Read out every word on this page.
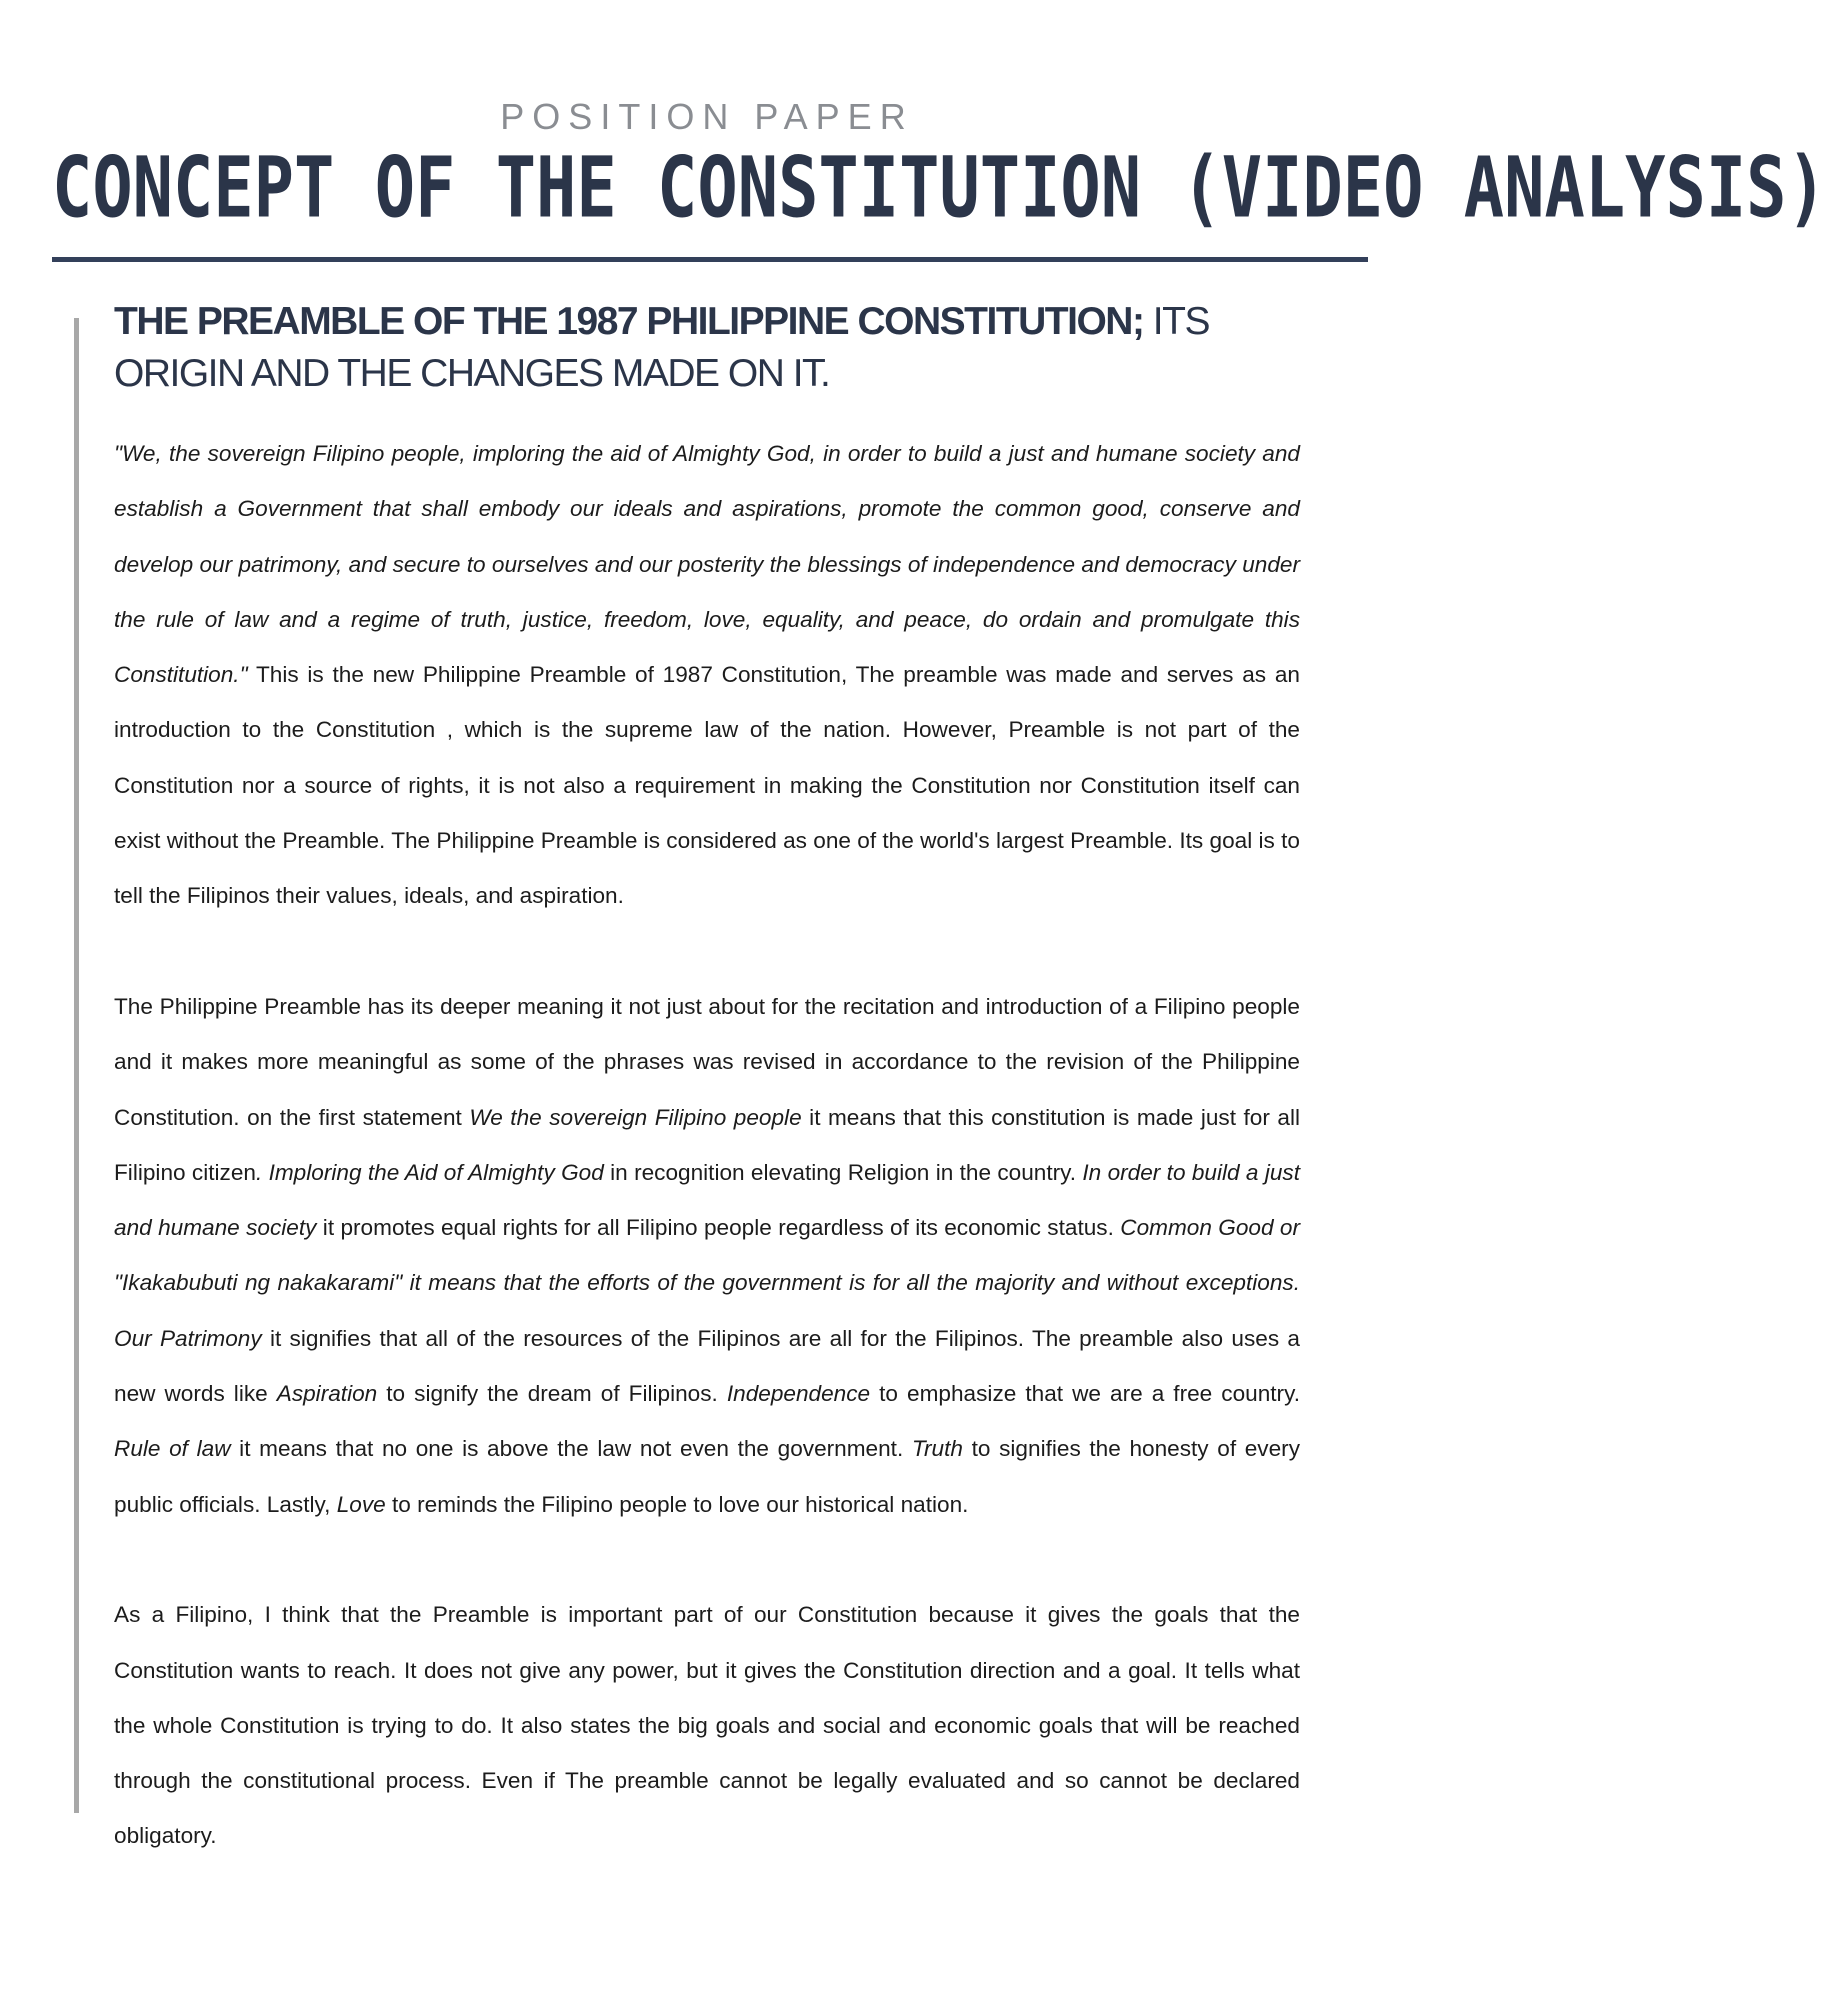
POSITION PAPER
CONCEPT OF THE CONSTITUTION (VIDEO ANALYSIS)
THE PREAMBLE OF THE 1987 PHILIPPINE CONSTITUTION; ITS ORIGIN AND THE CHANGES MADE ON IT.

"We, the sovereign Filipino people, imploring the aid of Almighty God, in order to build a just and humane society and establish a Government that shall embody our ideals and aspirations, promote the common good, conserve and develop our patrimony, and secure to ourselves and our posterity the blessings of independence and democracy under the rule of law and a regime of truth, justice, freedom, love, equality, and peace, do ordain and promulgate this Constitution." This is the new Philippine Preamble of 1987 Constitution, The preamble was made and serves as an introduction to the Constitution , which is the supreme law of the nation. However, Preamble is not part of the Constitution nor a source of rights, it is not also a requirement in making the Constitution nor Constitution itself can exist without the Preamble. The Philippine Preamble is considered as one of the world's largest Preamble. Its goal is to tell the Filipinos their values, ideals, and aspiration.

The Philippine Preamble has its deeper meaning it not just about for the recitation and introduction of a Filipino people and it makes more meaningful as some of the phrases was revised in accordance to the revision of the Philippine Constitution. on the first statement We the sovereign Filipino people it means that this constitution is made just for all Filipino citizen. Imploring the Aid of Almighty God in recognition elevating Religion in the country. In order to build a just and humane society it promotes equal rights for all Filipino people regardless of its economic status. Common Good or "Ikakabubuti ng nakakarami" it means that the efforts of the government is for all the majority and without exceptions. Our Patrimony it signifies that all of the resources of the Filipinos are all for the Filipinos. The preamble also uses a new words like Aspiration to signify the dream of Filipinos. Independence to emphasize that we are a free country. Rule of law it means that no one is above the law not even the government. Truth to signifies the honesty of every public officials. Lastly, Love to reminds the Filipino people to love our historical nation.

As a Filipino, I think that the Preamble is important part of our Constitution because it gives the goals that the Constitution wants to reach. It does not give any power, but it gives the Constitution direction and a goal. It tells what the whole Constitution is trying to do. It also states the big goals and social and economic goals that will be reached through the constitutional process. Even if The preamble cannot be legally evaluated and so cannot be declared obligatory.
